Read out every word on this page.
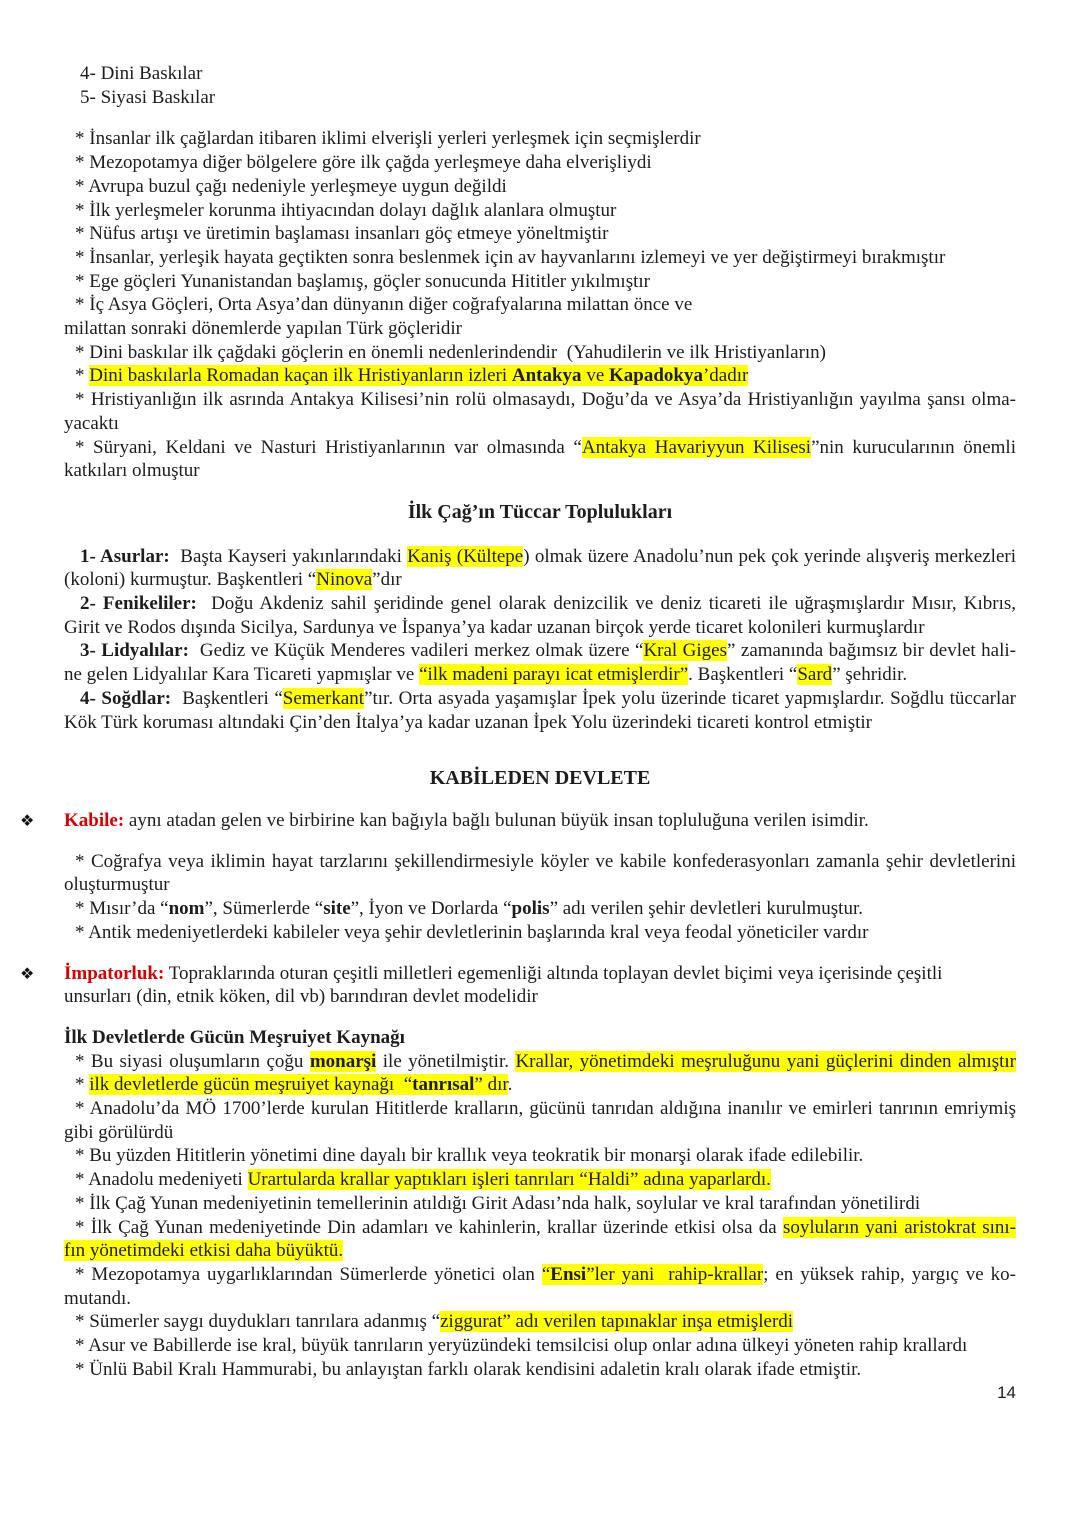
4- Dini Baskılar
5- Siyasi Baskılar
* İnsanlar ilk çağlardan itibaren iklimi elverişli yerleri yerleşmek için seçmişlerdir
* Mezopotamya diğer bölgelere göre ilk çağda yerleşmeye daha elverişliydi
* Avrupa buzul çağı nedeniyle yerleşmeye uygun değildi
* İlk yerleşmeler korunma ihtiyacından dolayı dağlık alanlara olmuştur
* Nüfus artışı ve üretimin başlaması insanları göç etmeye yöneltmiştir
* İnsanlar, yerleşik hayata geçtikten sonra beslenmek için av hayvanlarını izlemeyi ve yer değiştirmeyi bırakmıştır
* Ege göçleri Yunanistandan başlamış, göçler sonucunda Hititler yıkılmıştır
* İç Asya Göçleri, Orta Asya’dan dünyanın diğer coğrafyalarına milattan önce ve
milattan sonraki dönemlerde yapılan Türk göçleridir
* Dini baskılar ilk çağdaki göçlerin en önemli nedenlerindendir  (Yahudilerin ve ilk Hristiyanların)
* Dini baskılarla Romadan kaçan ilk Hristiyanların izleri Antakya ve Kapadokya’dadır
* Hristiyanlığın ilk asrında Antakya Kilisesi’nin rolü olmasaydı, Doğu’da ve Asya’da Hristiyanlığın yayılma şansı olma-
yacaktı
* Süryani, Keldani ve Nasturi Hristiyanlarının var olmasında “Antakya Havariyyun Kilisesi”nin kurucularının önemli
katkıları olmuştur
İlk Çağ’ın Tüccar Toplulukları
1- Asurlar:  Başta Kayseri yakınlarındaki Kaniş (Kültepe) olmak üzere Anadolu’nun pek çok yerinde alışveriş merkezleri
(koloni) kurmuştur. Başkentleri “Ninova”dır
2- Fenikeliler:  Doğu Akdeniz sahil şeridinde genel olarak denizcilik ve deniz ticareti ile uğraşmışlardır Mısır, Kıbrıs,
Girit ve Rodos dışında Sicilya, Sardunya ve İspanya’ya kadar uzanan birçok yerde ticaret kolonileri kurmuşlardır
3- Lidyalılar:  Gediz ve Küçük Menderes vadileri merkez olmak üzere “Kral Giges” zamanında bağımsız bir devlet hali-
ne gelen Lidyalılar Kara Ticareti yapmışlar ve “ilk madeni parayı icat etmişlerdir”. Başkentleri “Sard” şehridir.
4- Soğdlar:  Başkentleri “Semerkant”tır. Orta asyada yaşamışlar İpek yolu üzerinde ticaret yapmışlardır. Soğdlu tüccarlar
Kök Türk koruması altındaki Çin’den İtalya’ya kadar uzanan İpek Yolu üzerindeki ticareti kontrol etmiştir
KABİLEDEN DEVLETE
❖ Kabile: aynı atadan gelen ve birbirine kan bağıyla bağlı bulunan büyük insan topluluğuna verilen isimdir.
* Coğrafya veya iklimin hayat tarzlarını şekillendirmesiyle köyler ve kabile konfederasyonları zamanla şehir devletlerini
oluşturmuştur
* Mısır’da “nom”, Sümerlerde “site”, İyon ve Dorlarda “polis” adı verilen şehir devletleri kurulmuştur.
* Antik medeniyetlerdeki kabileler veya şehir devletlerinin başlarında kral veya feodal yöneticiler vardır
❖ İmpatorluk: Topraklarında oturan çeşitli milletleri egemenliği altında toplayan devlet biçimi veya içerisinde çeşitli
unsurları (din, etnik köken, dil vb) barındıran devlet modelidir
İlk Devletlerde Gücün Meşruiyet Kaynağı
* Bu siyasi oluşumların çoğu monarşi ile yönetilmiştir. Krallar, yönetimdeki meşruluğunu yani güçlerini dinden almıştır
* ilk devletlerde gücün meşruiyet kaynağı  “tanrısal” dır.
* Anadolu’da MÖ 1700’lerde kurulan Hititlerde kralların, gücünü tanrıdan aldığına inanılır ve emirleri tanrının emriymiş
gibi görülürdü
* Bu yüzden Hititlerin yönetimi dine dayalı bir krallık veya teokratik bir monarşi olarak ifade edilebilir.
* Anadolu medeniyeti Urartularda krallar yaptıkları işleri tanrıları “Haldi” adına yaparlardı.
* İlk Çağ Yunan medeniyetinin temellerinin atıldığı Girit Adası’nda halk, soylular ve kral tarafından yönetilirdi
* İlk Çağ Yunan medeniyetinde Din adamları ve kahinlerin, krallar üzerinde etkisi olsa da soyluların yani aristokrat sını-
fın yönetimdeki etkisi daha büyüktü.
* Mezopotamya uygarlıklarından Sümerlerde yönetici olan “Ensi”ler yani  rahip-krallar; en yüksek rahip, yargıç ve ko-
mutandı.
* Sümerler saygı duydukları tanrılara adanmış “ziggurat” adı verilen tapınaklar inşa etmişlerdi
* Asur ve Babillerde ise kral, büyük tanrıların yeryüzündeki temsilcisi olup onlar adına ülkeyi yöneten rahip krallardı
* Ünlü Babil Kralı Hammurabi, bu anlayıştan farklı olarak kendisini adaletin kralı olarak ifade etmiştir.
14
